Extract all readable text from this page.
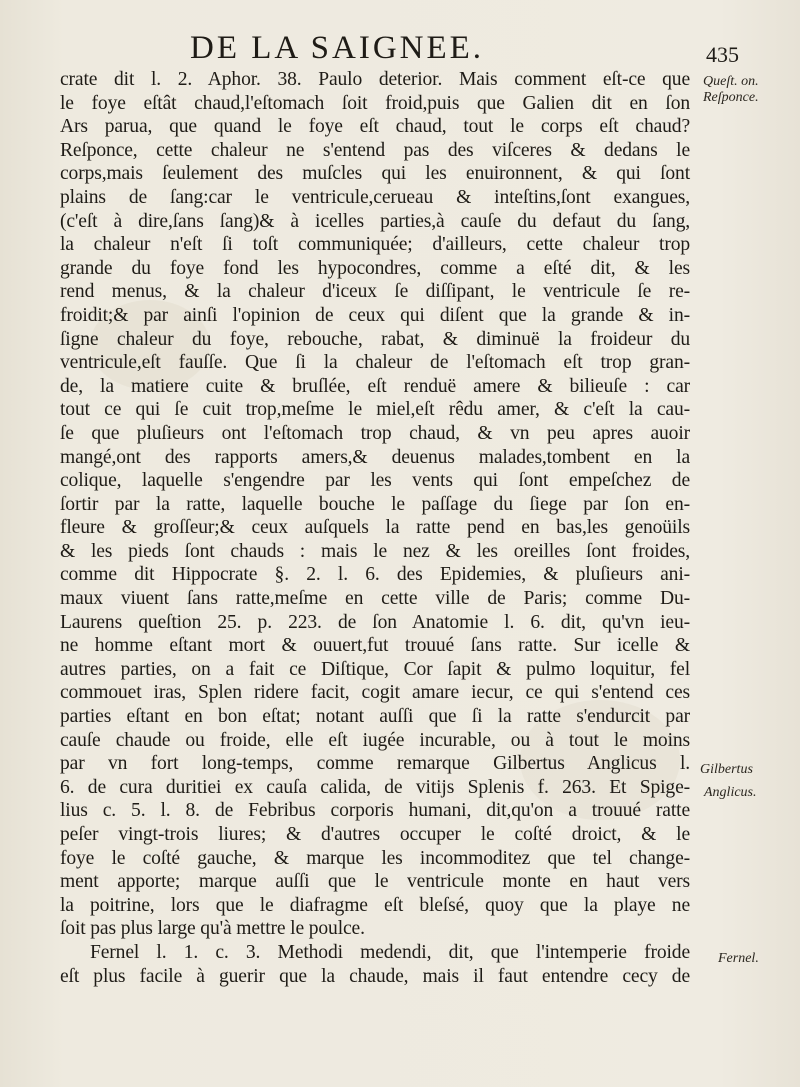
DE LA SAIGNEE.	435
crate dit l. 2. Aphor. 38. Paulo deterior. Mais comment eſt-ce que
le foye eſtât chaud,l'eſtomach ſoit froid,puis que Galien dit en ſon
Ars parua, que quand le foye eſt chaud, tout le corps eſt chaud?
Reſponce, cette chaleur ne s'entend pas des viſceres & dedans le
corps,mais ſeulement des muſcles qui les enuironnent, & qui ſont
plains de ſang:car le ventricule,cerueau & inteſtins,ſont exangues,
(c'eſt à dire,ſans ſang)& à icelles parties,à cauſe du defaut du ſang,
la chaleur n'eſt ſi toſt communiquée; d'ailleurs, cette chaleur trop
grande du foye fond les hypocondres, comme a eſté dit, & les
rend menus, & la chaleur d'iceux ſe diſſipant, le ventricule ſe re-
froidit;& par ainſi l'opinion de ceux qui diſent que la grande & in-
ſigne chaleur du foye, rebouche, rabat, & diminuë la froideur du
ventricule,eſt fauſſe. Que ſi la chaleur de l'eſtomach eſt trop gran-
de, la matiere cuite & bruſlée, eſt renduë amere & bilieuſe : car
tout ce qui ſe cuit trop,meſme le miel,eſt rêdu amer, & c'eſt la cau-
ſe que pluſieurs ont l'eſtomach trop chaud, & vn peu apres auoir
mangé,ont des rapports amers,& deuenus malades,tombent en la
colique, laquelle s'engendre par les vents qui ſont empeſchez de
ſortir par la ratte, laquelle bouche le paſſage du ſiege par ſon en-
fleure & groſſeur;& ceux auſquels la ratte pend en bas,les genoüils
& les pieds ſont chauds : mais le nez & les oreilles ſont froides,
comme dit Hippocrate §. 2. l. 6. des Epidemies, & pluſieurs ani-
maux viuent ſans ratte,meſme en cette ville de Paris; comme Du-
Laurens queſtion 25. p. 223. de ſon Anatomie l. 6. dit, qu'vn ieu-
ne homme eſtant mort & ouuert,fut trouué ſans ratte. Sur icelle &
autres parties, on a fait ce Diſtique, Cor ſapit & pulmo loquitur, fel
commouet iras, Splen ridere facit, cogit amare iecur, ce qui s'entend ces
parties eſtant en bon eſtat; notant auſſi que ſi la ratte s'endurcit par
cauſe chaude ou froide, elle eſt iugée incurable, ou à tout le moins
par vn fort long-temps, comme remarque Gilbertus Anglicus l.
6. de cura duritiei ex cauſa calida, de vitijs Splenis f. 263. Et Spige-
lius c. 5. l. 8. de Febribus corporis humani, dit,qu'on a trouué ratte
peſer vingt-trois liures; & d'autres occuper le coſté droict, & le
foye le coſté gauche, & marque les incommoditez que tel change-
ment apporte; marque auſſi que le ventricule monte en haut vers
la poitrine, lors que le diafragme eſt bleſsé, quoy que la playe ne
ſoit pas plus large qu'à mettre le poulce.
Fernel l. 1. c. 3. Methodi medendi, dit, que l'intemperie froide
eſt plus facile à guerir que la chaude, mais il faut entendre cecy de
Queſt. on.
Reſponce.
Gilbertus
Anglicus.
Fernel.
